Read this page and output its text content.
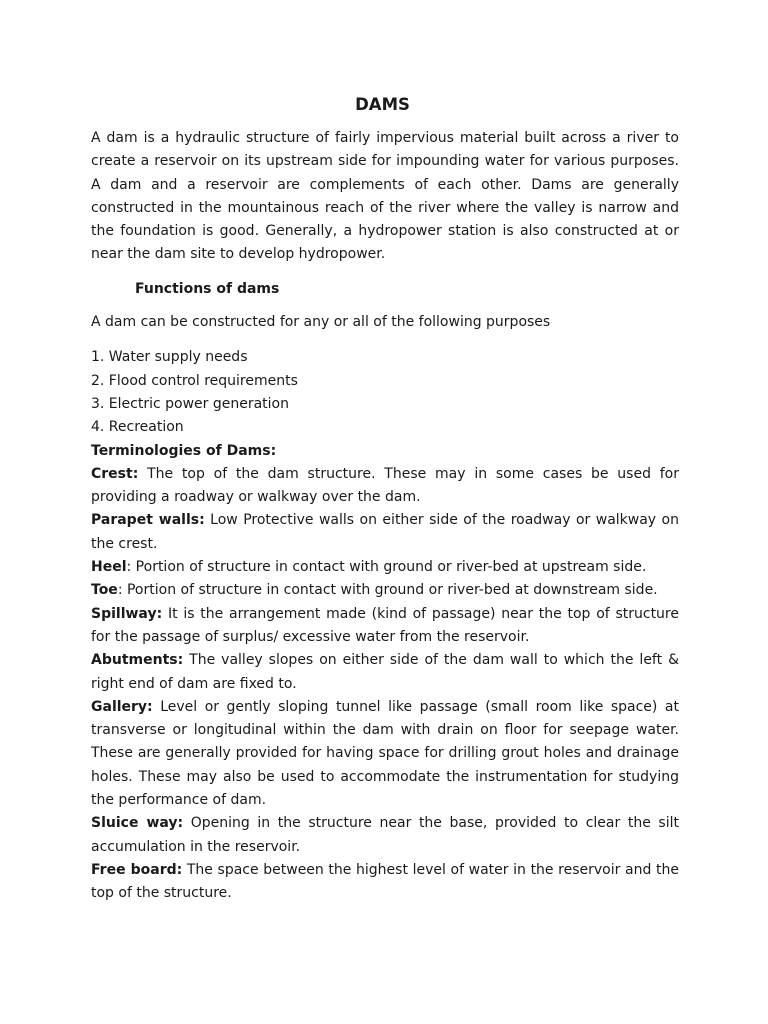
DAMS

A dam is a hydraulic structure of fairly impervious material built across a river to create a reservoir on its upstream side for impounding water for various purposes. A dam and a reservoir are complements of each other. Dams are generally constructed in the mountainous reach of the river where the valley is narrow and the foundation is good. Generally, a hydropower station is also constructed at or near the dam site to develop hydropower.

Functions of dams

A dam can be constructed for any or all of the following purposes

1. Water supply needs
2. Flood control requirements
3. Electric power generation
4. Recreation

Terminologies of Dams:

Crest: The top of the dam structure. These may in some cases be used for providing a roadway or walkway over the dam.

Parapet walls: Low Protective walls on either side of the roadway or walkway on the crest.

Heel: Portion of structure in contact with ground or river-bed at upstream side.

Toe: Portion of structure in contact with ground or river-bed at downstream side.

Spillway: It is the arrangement made (kind of passage) near the top of structure for the passage of surplus/ excessive water from the reservoir.

Abutments: The valley slopes on either side of the dam wall to which the left & right end of dam are fixed to.

Gallery: Level or gently sloping tunnel like passage (small room like space) at transverse or longitudinal within the dam with drain on floor for seepage water. These are generally provided for having space for drilling grout holes and drainage holes. These may also be used to accommodate the instrumentation for studying the performance of dam.

Sluice way: Opening in the structure near the base, provided to clear the silt accumulation in the reservoir.

Free board: The space between the highest level of water in the reservoir and the top of the structure.
